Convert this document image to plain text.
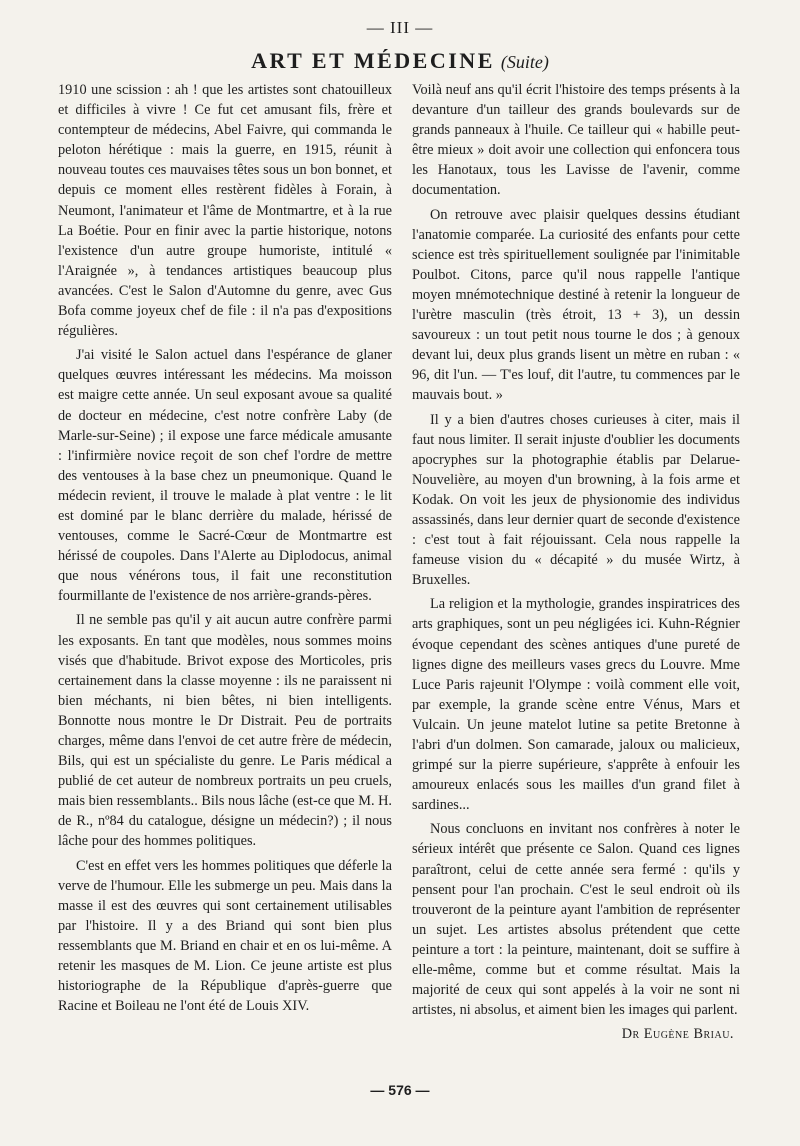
— III —
ART ET MÉDECINE (Suite)

1910 une scission : ah ! que les artistes sont chatouilleux et difficiles à vivre ! Ce fut cet amusant fils, frère et contempteur de médecins, Abel Faivre, qui commanda le peloton hérétique : mais la guerre, en 1915, réunit à nouveau toutes ces mauvaises têtes sous un bon bonnet, et depuis ce moment elles restèrent fidèles à Forain, à Neumont, l'animateur et l'âme de Montmartre, et à la rue La Boétie. Pour en finir avec la partie historique, notons l'existence d'un autre groupe humoriste, intitulé « l'Araignée », à tendances artistiques beaucoup plus avancées. C'est le Salon d'Automne du genre, avec Gus Bofa comme joyeux chef de file : il n'a pas d'expositions régulières.

J'ai visité le Salon actuel dans l'espérance de glaner quelques œuvres intéressant les médecins. Ma moisson est maigre cette année. Un seul exposant avoue sa qualité de docteur en médecine, c'est notre confrère Laby (de Marle-sur-Seine) ; il expose une farce médicale amusante : l'infirmière novice reçoit de son chef l'ordre de mettre des ventouses à la base chez un pneumonique. Quand le médecin revient, il trouve le malade à plat ventre : le lit est dominé par le blanc derrière du malade, hérissé de ventouses, comme le Sacré-Cœur de Montmartre est hérissé de coupoles. Dans l'Alerte au Diplodocus, animal que nous vénérons tous, il fait une reconstitution fourmillante de l'existence de nos arrière-grands-pères.

Il ne semble pas qu'il y ait aucun autre confrère parmi les exposants. En tant que modèles, nous sommes moins visés que d'habitude. Brivot expose des Morticoles, pris certainement dans la classe moyenne : ils ne paraissent ni bien méchants, ni bien bêtes, ni bien intelligents. Bonnotte nous montre le Dr Distrait. Peu de portraits charges, même dans l'envoi de cet autre frère de médecin, Bils, qui est un spécialiste du genre. Le Paris médical a publié de cet auteur de nombreux portraits un peu cruels, mais bien ressemblants.. Bils nous lâche (est-ce que M. H. de R., nº84 du catalogue, désigne un médecin?) ; il nous lâche pour des hommes politiques.

C'est en effet vers les hommes politiques que déferle la verve de l'humour. Elle les submerge un peu. Mais dans la masse il est des œuvres qui sont certainement utilisables par l'histoire. Il y a des Briand qui sont bien plus ressemblants que M. Briand en chair et en os lui-même. A retenir les masques de M. Lion. Ce jeune artiste est plus historiographe de la République d'après-guerre que Racine et Boileau ne l'ont été de Louis XIV.

Voilà neuf ans qu'il écrit l'histoire des temps présents à la devanture d'un tailleur des grands boulevards sur de grands panneaux à l'huile. Ce tailleur qui « habille peut-être mieux » doit avoir une collection qui enfoncera tous les Hanotaux, tous les Lavisse de l'avenir, comme documentation.

On retrouve avec plaisir quelques dessins étudiant l'anatomie comparée. La curiosité des enfants pour cette science est très spirituellement soulignée par l'inimitable Poulbot. Citons, parce qu'il nous rappelle l'antique moyen mnémotechnique destiné à retenir la longueur de l'urètre masculin (très étroit, 13 + 3), un dessin savoureux : un tout petit nous tourne le dos ; à genoux devant lui, deux plus grands lisent un mètre en ruban : « 96, dit l'un. — T'es louf, dit l'autre, tu commences par le mauvais bout. »

Il y a bien d'autres choses curieuses à citer, mais il faut nous limiter. Il serait injuste d'oublier les documents apocryphes sur la photographie établis par Delarue-Nouvelière, au moyen d'un browning, à la fois arme et Kodak. On voit les jeux de physionomie des individus assassinés, dans leur dernier quart de seconde d'existence : c'est tout à fait réjouissant. Cela nous rappelle la fameuse vision du « décapité » du musée Wirtz, à Bruxelles.

La religion et la mythologie, grandes inspiratrices des arts graphiques, sont un peu négligées ici. Kuhn-Régnier évoque cependant des scènes antiques d'une pureté de lignes digne des meilleurs vases grecs du Louvre. Mme Luce Paris rajeunit l'Olympe : voilà comment elle voit, par exemple, la grande scène entre Vénus, Mars et Vulcain. Un jeune matelot lutine sa petite Bretonne à l'abri d'un dolmen. Son camarade, jaloux ou malicieux, grimpé sur la pierre supérieure, s'apprête à enfouir les amoureux enlacés sous les mailles d'un grand filet à sardines...

Nous concluons en invitant nos confrères à noter le sérieux intérêt que présente ce Salon. Quand ces lignes paraîtront, celui de cette année sera fermé : qu'ils y pensent pour l'an prochain. C'est le seul endroit où ils trouveront de la peinture ayant l'ambition de représenter un sujet. Les artistes absolus prétendent que cette peinture a tort : la peinture, maintenant, doit se suffire à elle-même, comme but et comme résultat. Mais la majorité de ceux qui sont appelés à la voir ne sont ni artistes, ni absolus, et aiment bien les images qui parlent.

Dr Eugène Briau.
— 576 —
